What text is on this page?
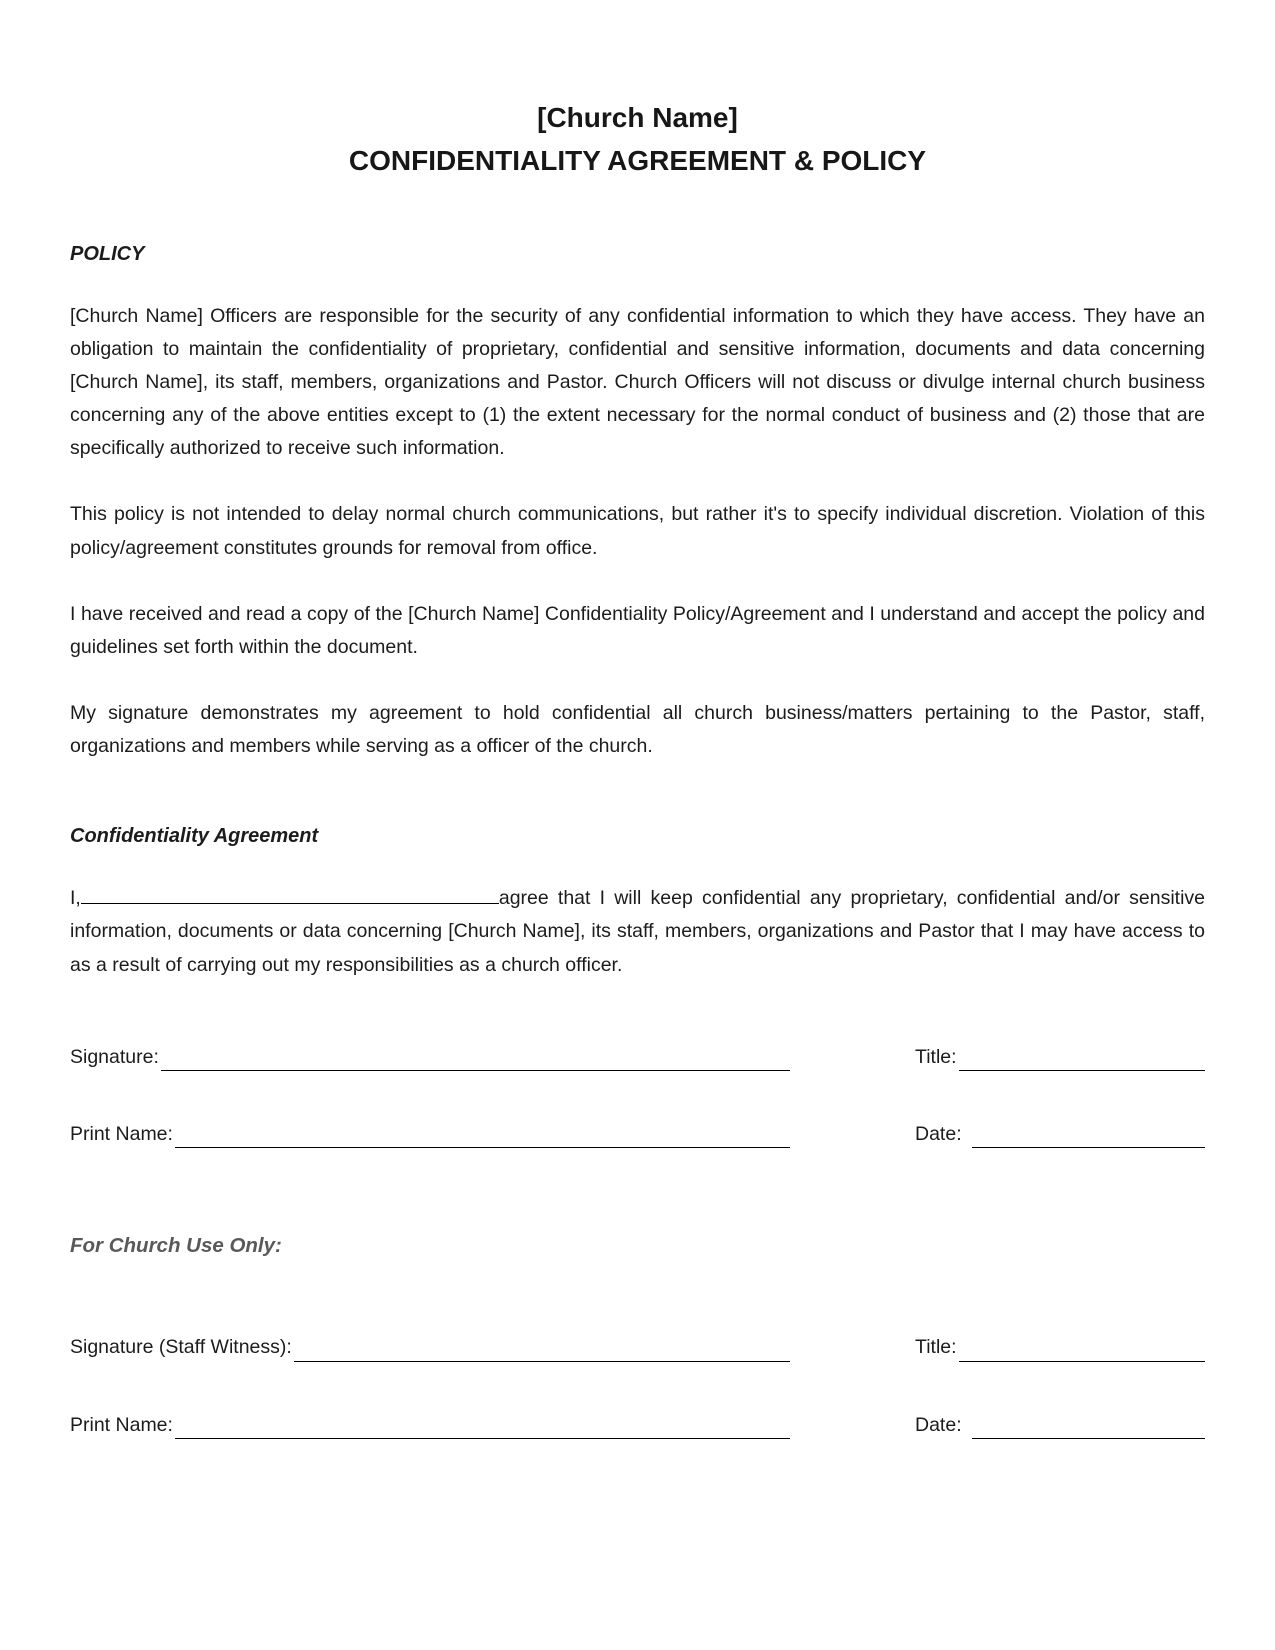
[Church Name]
CONFIDENTIALITY AGREEMENT & POLICY
POLICY

[Church Name] Officers are responsible for the security of any confidential information to which they have access. They have an obligation to maintain the confidentiality of proprietary, confidential and sensitive information, documents and data concerning [Church Name], its staff, members, organizations and Pastor. Church Officers will not discuss or divulge internal church business concerning any of the above entities except to (1) the extent necessary for the normal conduct of business and (2) those that are specifically authorized to receive such information.

This policy is not intended to delay normal church communications, but rather it's to specify individual discretion. Violation of this policy/agreement constitutes grounds for removal from office.

I have received and read a copy of the [Church Name] Confidentiality Policy/Agreement and I understand and accept the policy and guidelines set forth within the document.

My signature demonstrates my agreement to hold confidential all church business/matters pertaining to the Pastor, staff, organizations and members while serving as a officer of the church.

Confidentiality Agreement

I,	agree that I will keep confidential any proprietary, confidential and/or sensitive information, documents or data concerning [Church Name], its staff, members, organizations and Pastor that I may have access to as a result of carrying out my responsibilities as a church officer.

Signature:	Title:
Print Name:	Date:
For Church Use Only:
Signature (Staff Witness):	Title:
Print Name:	Date:
